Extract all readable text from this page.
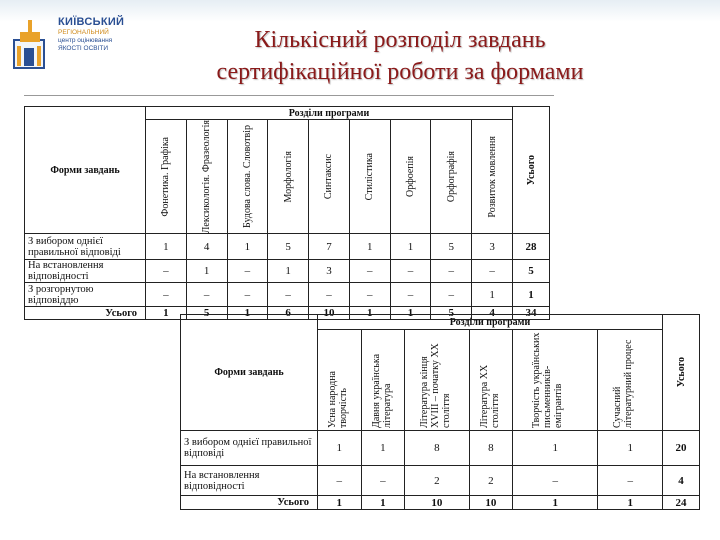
КИЇВСЬКИЙ
РЕГІОНАЛЬНИЙ
центр оцінювання
ЯКОСТІ ОСВІТИ	Кількісний розподіл завдань
сертифікаційної роботи за формами
Форми завдань	Розділи програми									Усього

	Фонетика. Графіка	Лексикологія. Фразеологія	Будова слова. Словотвір	Морфологія	Синтаксис	Стилістика	Орфоепія	Орфографія	Розвиток мовлення	

З вибором однієї правильної відповіді	1	4	1	5	7	1	1	5	3	28
На встановлення відповідності	–	1	–	1	3	–	–	–	–	5
З розгорнутою відповіддю	–	–	–	–	–	–	–	–	1	1
Усього	1	5	1	6	10	1	1	5	4	34
Форми завдань	Розділи програми						Усього

	Усна народна творчість	Давня українська література	Література кінця XVIII – початку XX століття	Література XX століття	Творчість українських письменників-емігрантів	Сучасний літературний процес	

З вибором однієї правильної відповіді	1	1	8	8	1	1	20
На встановлення відповідності	–	–	2	2	–	–	4
Усього	1	1	10	10	1	1	24
